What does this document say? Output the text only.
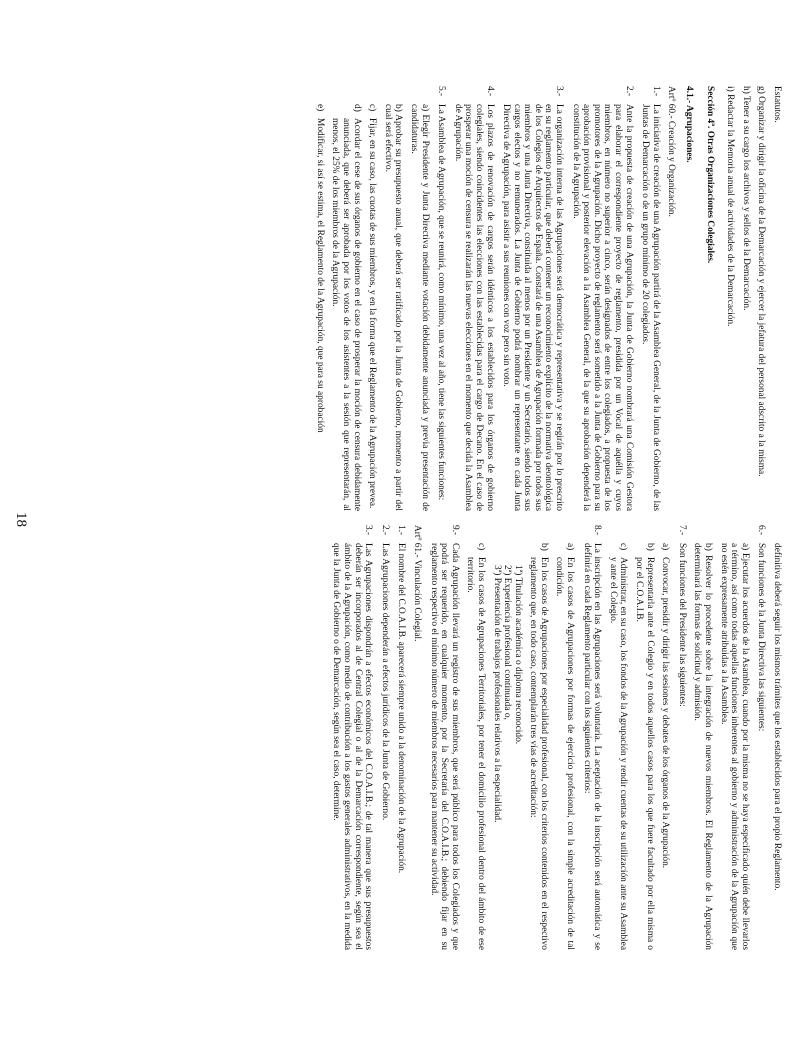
Estatutos.

g) Organizar y dirigir la oficina de la Demarcación y ejercer la jefatura del personal adscrito a la misma.

h) Tener a su cargo los archivos y sellos de la Demarcación.

i) Redactar la Memoria anual de actividades de la Demarcación.

Sección 4ª. Otras Organizaciones Colegiales.

4.1.- Agrupaciones.

Artº 60.- Creación y Organización.

1.-
La iniciativa de creación de una Agrupación partirá de la Asamblea General, de la Junta de Gobierno, de las Juntas de Demarcación o de un grupo mínimo de 20 colegiados.
2.-
Ante la propuesta de creación de una Agrupación, la Junta de Gobierno nombrará una Comisión Gestora para elaborar el correspondiente proyecto de reglamento, presidida por un Vocal de aquélla y cuyos miembros, en número no superior a cinco, serán designados de entre los colegiados, a propuesta de los promotores de la Agrupación. Dicho proyecto de reglamento será sometido a la Junta de Gobierno para su aprobación provisional y posterior elevación a la Asamblea General, de la que su aprobación dependerá la constitución de la Agrupación.
3.-
La organización interna de las Agrupaciones será democrática y representativa y se regirán por lo prescrito en su reglamento particular, que deberá contener un reconocimiento explícito de la normativa deontológica de los Colegios de Arquitectos de España. Constará de una Asamblea de Agrupación formada por todos sus miembros y una Junta Directiva, constituida al menos por un Presidente y un Secretario, siendo todos sus cargos electos y no remunerados. La Junta de Gobierno podrá nombrar un representante en cada Junta Directiva de Agrupación, para asistir a sus reuniones con voz pero sin voto.
4.-
Los plazos de renovación de cargos serán idénticos a los establecidos para los órganos de gobierno colegiales, siendo coincidentes las elecciones con las establecidas para el cargo de Decano. En el caso de prosperar una moción de censura se realizarán las nuevas elecciones en el momento que decida la Asamblea de Agrupación.
5.-
La Asamblea de Agrupación, que se reunirá, como mínimo, una vez al año, tiene las siguientes funciones:

a) Elegir Presidente y Junta Directiva mediante votación debidamente anunciada y previa presentación de candidaturas.

b) Aprobar su presupuesto anual, que deberá ser ratificado por la Junta de Gobierno, momento a partir del cual será efectivo.

c)
Fijar, en su caso, las cuotas de sus miembros, y en la forma que el Reglamento de la Agrupación prevea.
d)
Acordar el cese de sus órganos de gobierno en el caso de prosperar la moción de censura debidamente anunciada, que deberá ser aprobada por los votos de los asistentes a la sesión que representarán, al menos, el 25% de los miembros de la Agrupación.
e)
Modificar, si así se estima, el Reglamento de la Agrupación, que para su aprobación
18

definitiva deberá seguir los mismos trámites que los establecidos para el propio Reglamento.

6.-
Son funciones de la Junta Directiva las siguientes:

a) Ejecutar los acuerdos de la Asamblea, cuando por la misma no se haya especificado quién debe llevarlos a término, así como todas aquellas funciones inherentes al gobierno y administración de la Agrupación que no estén expresamente atribuidas a la Asamblea.

b) Resolver lo procedente sobre la integración de nuevos miembros. El Reglamento de la Agrupación determinará las formas de solicitud y admisión.

7.-
Son funciones del Presidente las siguientes:
a)
Convocar, presidir y dirigir las sesiones y debates de los órganos de la Agrupación.
b)
Representarla ante el Colegio y en todos aquellos casos para los que fuere facultado por ella misma o por el C.O.A.I.B.
c)
Administrar, en su caso, los fondos de la Agrupación y rendir cuentas de su utilización ante su Asamblea y ante el Colegio.
8.-
La inscripción en las Agrupaciones será voluntaria. La aceptación de la inscripción será automática y se definirá en cada Reglamento particular con los siguientes criterios:
a)
En los casos de Agrupaciones por formas de ejercicio profesional, con la simple acreditación de tal condición.
b)
En los casos de Agrupaciones por especialidad profesional, con los criterios contenidos en el respectivo reglamento que, en todo caso, contemplarán tres vías de acreditación:

1ª) Titulación académica o diploma reconocido.

2ª) Experiencia profesional continuada o,

3ª) Presentación de trabajos profesionales relativos a la especialidad.

c)
En los casos de Agrupaciones Territoriales, por tener el domicilio profesional dentro del ámbito de ese territorio.
9.-
Cada Agrupación llevará un registro de sus miembros, que será público para todos los Colegiados y que podrá ser requerido, en cualquier momento, por la Secretaría del C.O.A.I.B.; debiendo fijar en su reglamento respectivo el mínimo número de miembros necesarios para mantener su actividad.

Artº 61.- Vinculación Colegial.

1.-
El nombre del C.O.A.I.B. aparecerá siempre unido a la denominación de la Agrupación.
2.-
Las Agrupaciones dependerán a efectos jurídicos de la Junta de Gobierno.
3.-
Las Agrupaciones dispondrán a efectos económicos del C.O.A.I.B.; de tal manera que sus presupuestos deberán ser incorporados al de Central Colegial o al de la Demarcación correspondiente, según sea el ámbito de la Agrupación, como medio de contribución a los gastos generales administrativos, en la medida que la Junta de Gobierno o de Demarcación, según sea el caso, determine.
